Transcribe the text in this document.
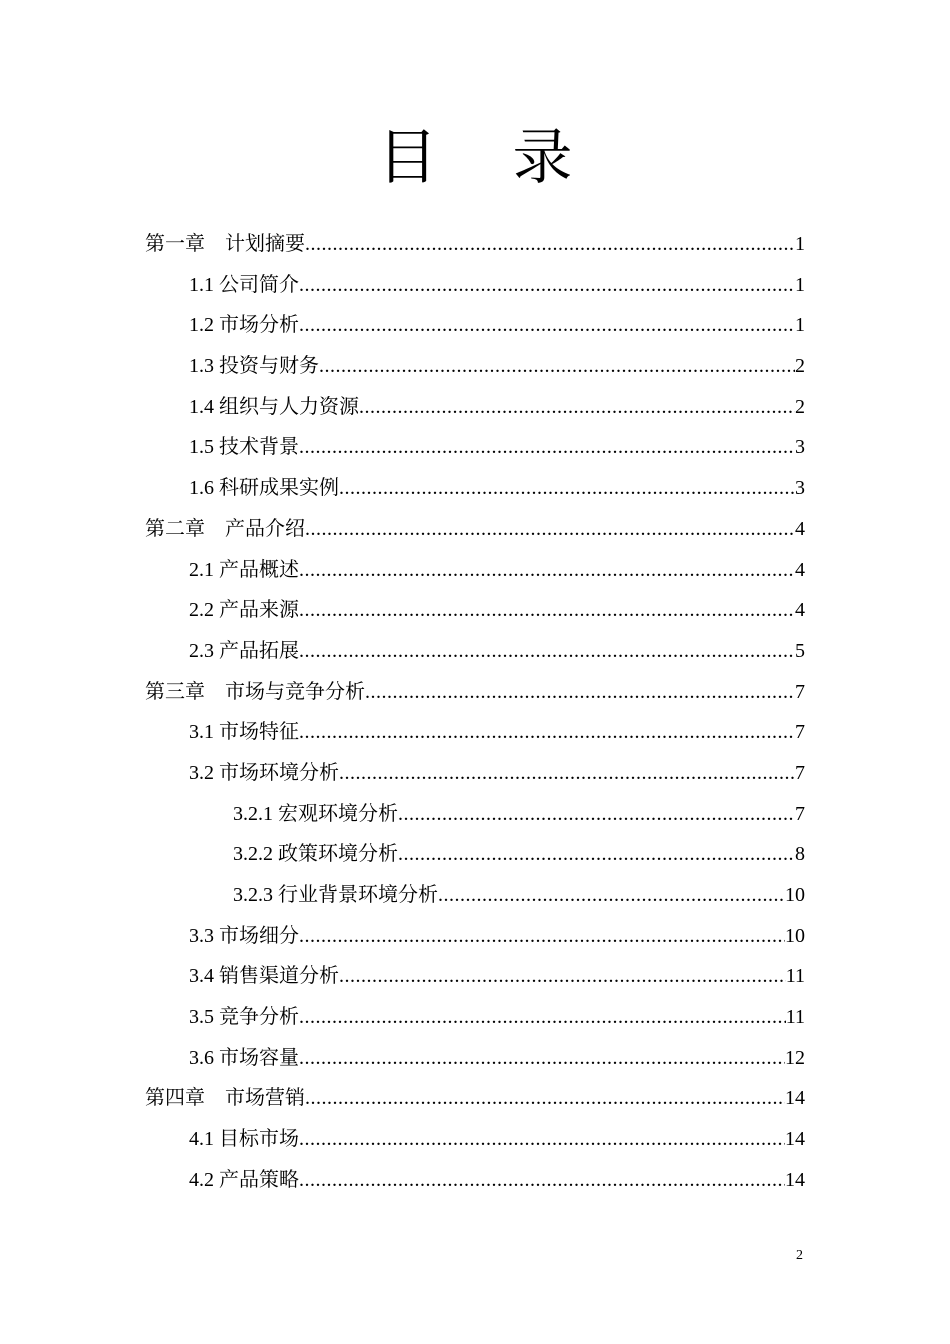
目 录
第一章    计划摘要 .....	1
1.1 公司简介 .....	1
1.2 市场分析 .....	1
1.3 投资与财务 .....	2
1.4 组织与人力资源 .....	2
1.5 技术背景 .....	3
1.6 科研成果实例 .....	3
第二章    产品介绍 .....	4
2.1 产品概述 .....	4
2.2 产品来源 .....	4
2.3 产品拓展 .....	5
第三章    市场与竞争分析 .....	7
3.1 市场特征 .....	7
3.2 市场环境分析 .....	7
3.2.1 宏观环境分析 .....	7
3.2.2 政策环境分析 .....	8
3.2.3 行业背景环境分析 .....	10
3.3 市场细分 .....	10
3.4 销售渠道分析 .....	11
3.5 竞争分析 .....	11
3.6 市场容量 .....	12
第四章    市场营销 .....	14
4.1 目标市场 .....	14
4.2 产品策略 .....	14
2
